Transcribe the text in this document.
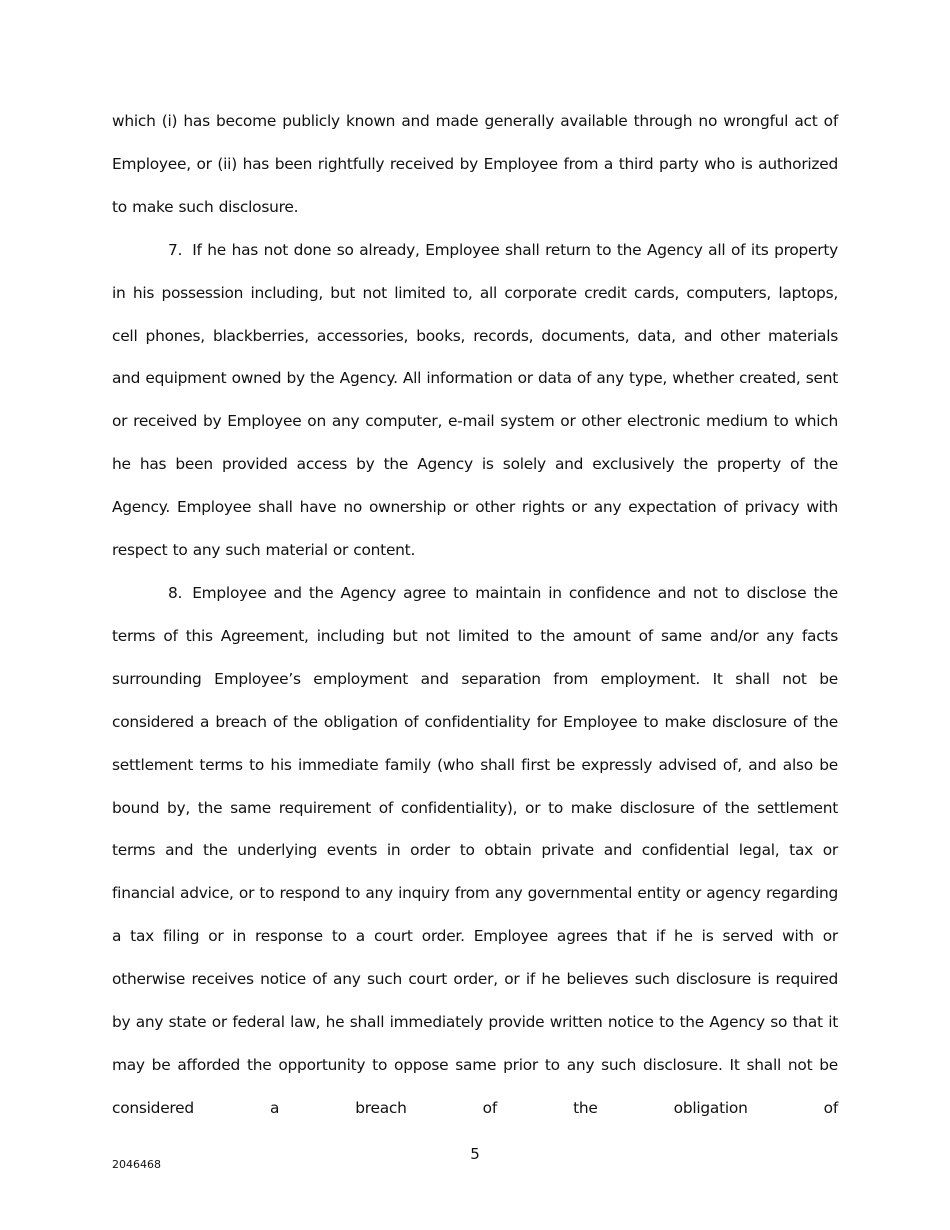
which (i) has become publicly known and made generally available through no wrongful act of Employee, or (ii) has been rightfully received by Employee from a third party who is authorized to make such disclosure.

7. If he has not done so already, Employee shall return to the Agency all of its property in his possession including, but not limited to, all corporate credit cards, computers, laptops, cell phones, blackberries, accessories, books, records, documents, data, and other materials and equipment owned by the Agency. All information or data of any type, whether created, sent or received by Employee on any computer, e-mail system or other electronic medium to which he has been provided access by the Agency is solely and exclusively the property of the Agency. Employee shall have no ownership or other rights or any expectation of privacy with respect to any such material or content.

8. Employee and the Agency agree to maintain in confidence and not to disclose the terms of this Agreement, including but not limited to the amount of same and/or any facts surrounding Employee’s employment and separation from employment. It shall not be considered a breach of the obligation of confidentiality for Employee to make disclosure of the settlement terms to his immediate family (who shall first be expressly advised of, and also be bound by, the same requirement of confidentiality), or to make disclosure of the settlement terms and the underlying events in order to obtain private and confidential legal, tax or financial advice, or to respond to any inquiry from any governmental entity or agency regarding a tax filing or in response to a court order. Employee agrees that if he is served with or otherwise receives notice of any such court order, or if he believes such disclosure is required by any state or federal law, he shall immediately provide written notice to the Agency so that it may be afforded the opportunity to oppose same prior to any such disclosure. It shall not be considered a breach of the obligation of

5
2046468
